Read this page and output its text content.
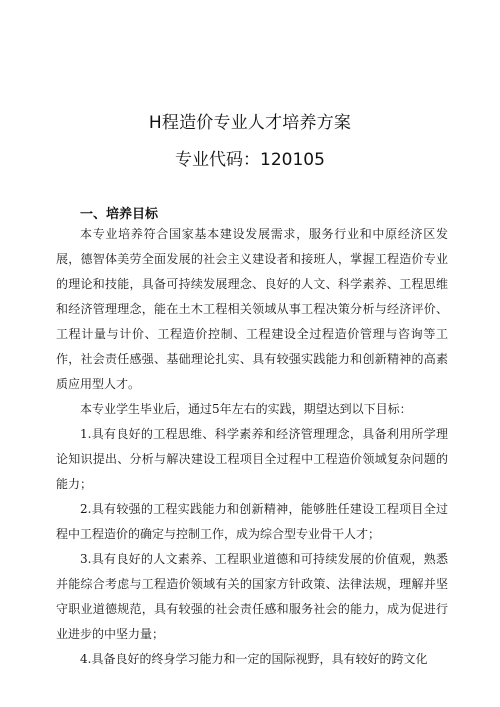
H程造价专业人才培养方案
专业代码：120105
一、培养目标

本专业培养符合国家基本建设发展需求，服务行业和中原经济区发展，德智体美劳全面发展的社会主义建设者和接班人，掌握工程造价专业的理论和技能，具备可持续发展理念、良好的人文、科学素养、工程思维和经济管理理念，能在土木工程相关领域从事工程决策分析与经济评价、工程计量与计价、工程造价控制、工程建设全过程造价管理与咨询等工作，社会责任感强、基础理论扎实、具有较强实践能力和创新精神的高素质应用型人才。

本专业学生毕业后，通过5年左右的实践，期望达到以下目标：

1.具有良好的工程思维、科学素养和经济管理理念，具备利用所学理论知识提出、分析与解决建设工程项目全过程中工程造价领域复杂问题的能力；

2.具有较强的工程实践能力和创新精神，能够胜任建设工程项目全过程中工程造价的确定与控制工作，成为综合型专业骨干人才；

3.具有良好的人文素养、工程职业道德和可持续发展的价值观，熟悉并能综合考虑与工程造价领域有关的国家方针政策、法律法规，理解并坚守职业道德规范，具有较强的社会责任感和服务社会的能力，成为促进行业进步的中坚力量；

4.具备良好的终身学习能力和一定的国际视野，具有较好的跨文化
